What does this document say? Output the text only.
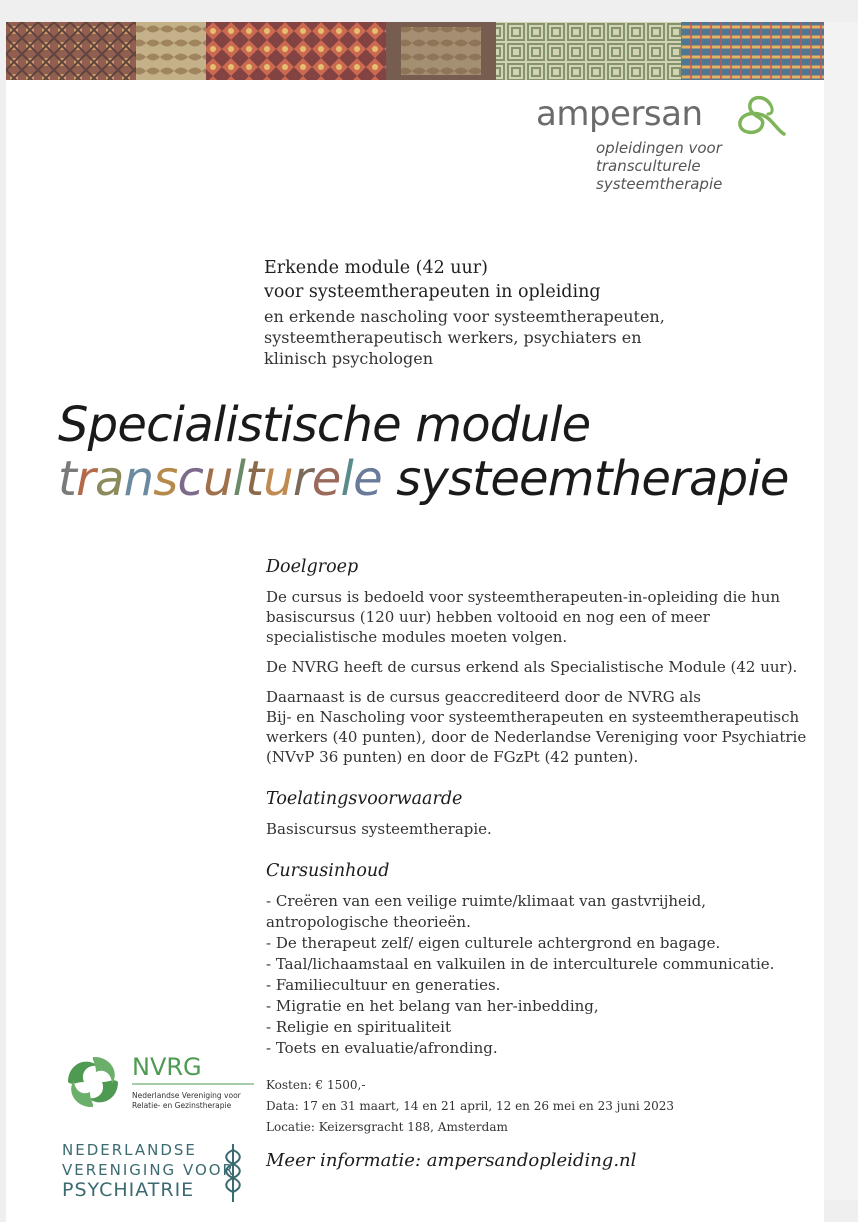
ampersan
opleidingen voor
transculturele systeemtherapie
Erkende module (42 uur)
voor systeemtherapeuten in opleiding
en erkende nascholing voor systeemtherapeuten,
systeemtherapeutisch werkers, psychiaters en
klinisch psychologen
Specialistische module
transculturele systeemtherapie
Doelgroep
De cursus is bedoeld voor systeemtherapeuten-in-opleiding die hun
basiscursus (120 uur) hebben voltooid en nog een of meer
specialistische modules moeten volgen.
De NVRG heeft de cursus erkend als Specialistische Module (42 uur).
Daarnaast is de cursus geaccrediteerd door de NVRG als
Bij- en Nascholing voor systeemtherapeuten en systeemtherapeutisch
werkers (40 punten), door de Nederlandse Vereniging voor Psychiatrie
(NVvP 36 punten) en door de FGzPt (42 punten).
Toelatingsvoorwaarde
Basiscursus systeemtherapie.
Cursusinhoud
- Creëren van een veilige ruimte/klimaat van gastvrijheid,
antropologische theorieën.
- De therapeut zelf/ eigen culturele achtergrond en bagage.
- Taal/lichaamstaal en valkuilen in de interculturele communicatie.
- Familiecultuur en generaties.
- Migratie en het belang van her-inbedding,
- Religie en spiritualiteit
- Toets en evaluatie/afronding.
Kosten: € 1500,-
Data: 17 en 31 maart, 14 en 21 april, 12 en 26 mei en 23 juni 2023
Locatie: Keizersgracht 188, Amsterdam
Meer informatie: ampersandopleiding.nl
NVRG
Nederlandse Vereniging voor
Relatie- en Gezinstherapie
NEDERLANDSE
VERENIGING VOOR
PSYCHIATRIE
